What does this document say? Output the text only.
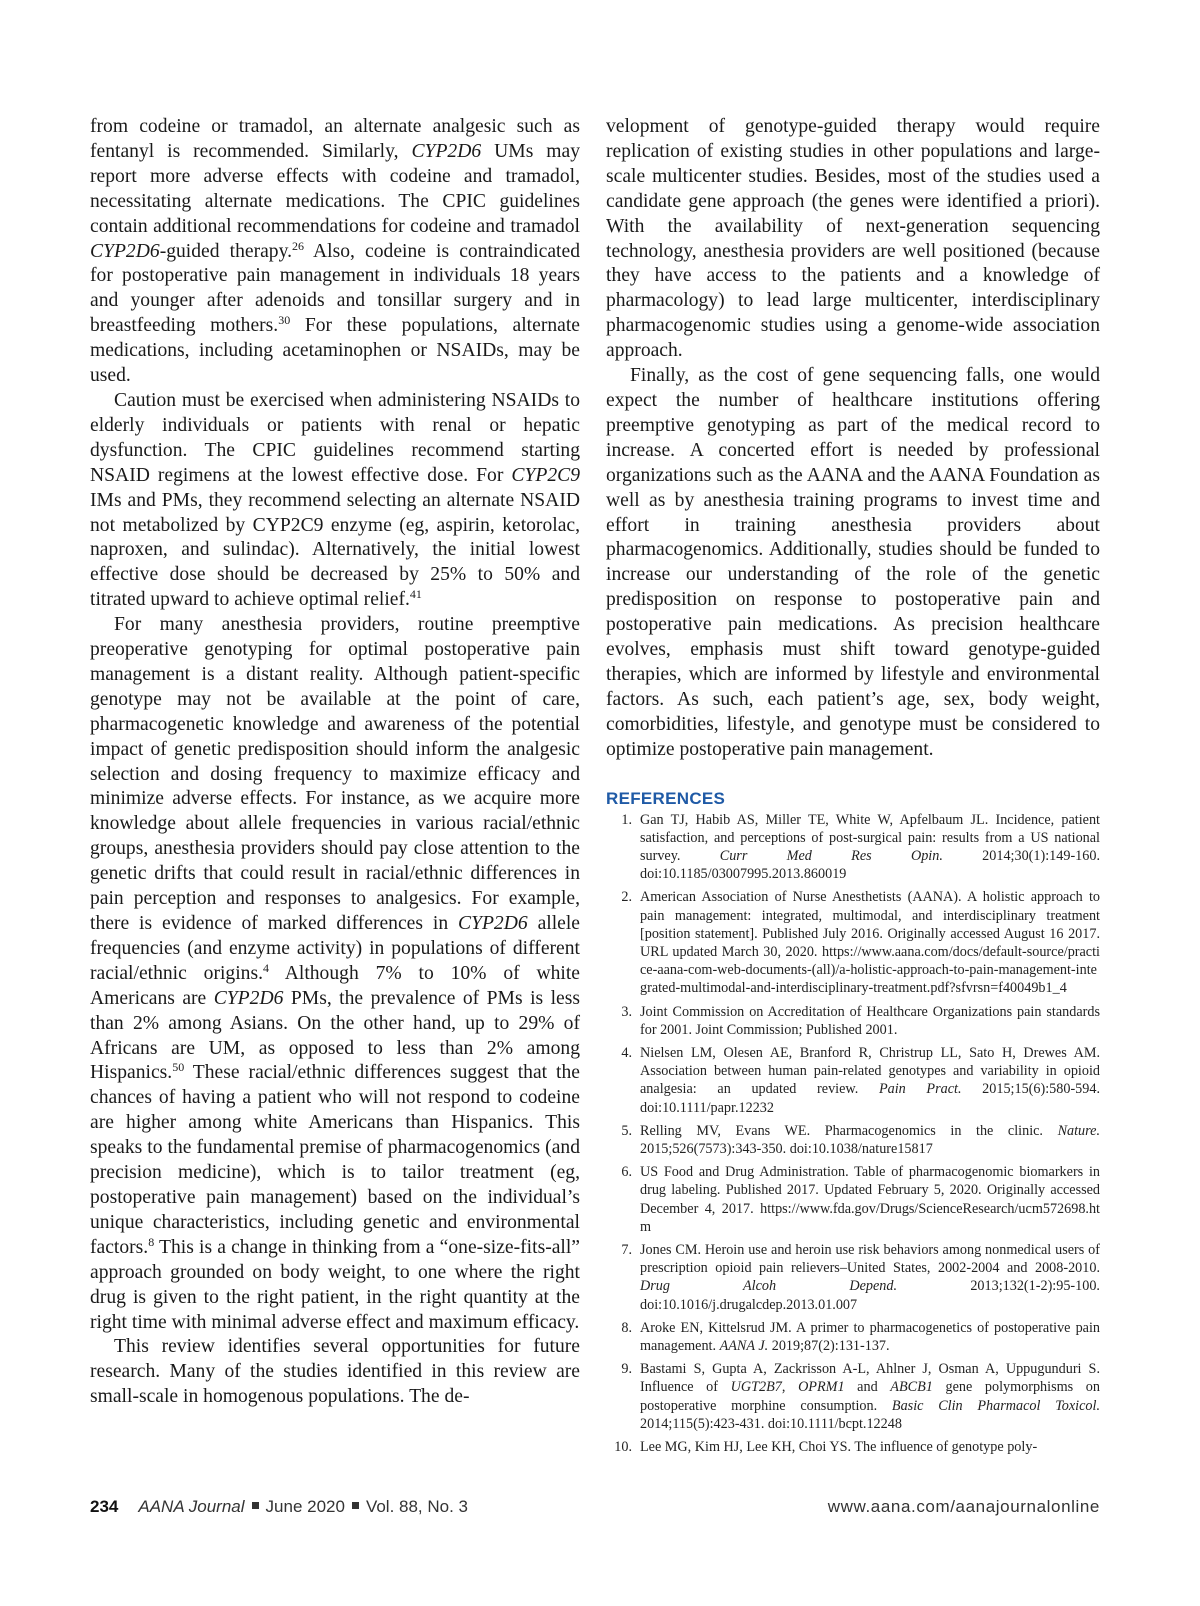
from codeine or tramadol, an alternate analgesic such as fentanyl is recommended. Similarly, CYP2D6 UMs may report more adverse effects with codeine and tramadol, necessitating alternate medications. The CPIC guidelines contain additional recommendations for codeine and tramadol CYP2D6-guided therapy.$^{26}$ Also, codeine is contraindicated for postoperative pain management in individuals 18 years and younger after adenoids and tonsillar surgery and in breastfeeding mothers.$^{30}$ For these populations, alternate medications, including acetaminophen or NSAIDs, may be used.

Caution must be exercised when administering NSAIDs to elderly individuals or patients with renal or hepatic dysfunction. The CPIC guidelines recommend starting NSAID regimens at the lowest effective dose. For CYP2C9 IMs and PMs, they recommend selecting an alternate NSAID not metabolized by CYP2C9 enzyme (eg, aspirin, ketorolac, naproxen, and sulindac). Alternatively, the initial lowest effective dose should be decreased by 25% to 50% and titrated upward to achieve optimal relief.$^{41}$

For many anesthesia providers, routine preemptive preoperative genotyping for optimal postoperative pain management is a distant reality. Although patient-specific genotype may not be available at the point of care, pharmacogenetic knowledge and awareness of the potential impact of genetic predisposition should inform the analgesic selection and dosing frequency to maximize efficacy and minimize adverse effects. For instance, as we acquire more knowledge about allele frequencies in various racial/ethnic groups, anesthesia providers should pay close attention to the genetic drifts that could result in racial/ethnic differences in pain perception and responses to analgesics. For example, there is evidence of marked differences in CYP2D6 allele frequencies (and enzyme activity) in populations of different racial/ethnic origins.$^4$ Although 7% to 10% of white Americans are CYP2D6 PMs, the prevalence of PMs is less than 2% among Asians. On the other hand, up to 29% of Africans are UM, as opposed to less than 2% among Hispanics.$^{50}$ These racial/ethnic differences suggest that the chances of having a patient who will not respond to codeine are higher among white Americans than Hispanics. This speaks to the fundamental premise of pharmacogenomics (and precision medicine), which is to tailor treatment (eg, postoperative pain management) based on the individual’s unique characteristics, including genetic and environmental factors.$^8$ This is a change in thinking from a “one-size-fits-all” approach grounded on body weight, to one where the right drug is given to the right patient, in the right quantity at the right time with minimal adverse effect and maximum efficacy.

This review identifies several opportunities for future research. Many of the studies identified in this review are small-scale in homogenous populations. The de-

velopment of genotype-guided therapy would require replication of existing studies in other populations and large-scale multicenter studies. Besides, most of the studies used a candidate gene approach (the genes were identified a priori). With the availability of next-generation sequencing technology, anesthesia providers are well positioned (because they have access to the patients and a knowledge of pharmacology) to lead large multicenter, interdisciplinary pharmacogenomic studies using a genome-wide association approach.

Finally, as the cost of gene sequencing falls, one would expect the number of healthcare institutions offering preemptive genotyping as part of the medical record to increase. A concerted effort is needed by professional organizations such as the AANA and the AANA Foundation as well as by anesthesia training programs to invest time and effort in training anesthesia providers about pharmacogenomics. Additionally, studies should be funded to increase our understanding of the role of the genetic predisposition on response to postoperative pain and postoperative pain medications. As precision healthcare evolves, emphasis must shift toward genotype-guided therapies, which are informed by lifestyle and environmental factors. As such, each patient’s age, sex, body weight, comorbidities, lifestyle, and genotype must be considered to optimize postoperative pain management.

REFERENCES
1. Gan TJ, Habib AS, Miller TE, White W, Apfelbaum JL. Incidence, patient satisfaction, and perceptions of post-surgical pain: results from a US national survey. Curr Med Res Opin. 2014;30(1):149-160. doi:10.1185/03007995.2013.860019
2. American Association of Nurse Anesthetists (AANA). A holistic approach to pain management: integrated, multimodal, and interdisciplinary treatment [position statement]. Published July 2016. Originally accessed August 16 2017. URL updated March 30, 2020. https://www.aana.com/docs/default-source/practice-aana-com-web-documents-(all)/a-holistic-approach-to-pain-management-integrated-multimodal-and-interdisciplinary-treatment.pdf?sfvrsn=f40049b1_4
3. Joint Commission on Accreditation of Healthcare Organizations pain standards for 2001. Joint Commission; Published 2001.
4. Nielsen LM, Olesen AE, Branford R, Christrup LL, Sato H, Drewes AM. Association between human pain-related genotypes and variability in opioid analgesia: an updated review. Pain Pract. 2015;15(6):580-594. doi:10.1111/papr.12232
5. Relling MV, Evans WE. Pharmacogenomics in the clinic. Nature. 2015;526(7573):343-350. doi:10.1038/nature15817
6. US Food and Drug Administration. Table of pharmacogenomic biomarkers in drug labeling. Published 2017. Updated February 5, 2020. Originally accessed December 4, 2017. https://www.fda.gov/Drugs/ScienceResearch/ucm572698.htm
7. Jones CM. Heroin use and heroin use risk behaviors among nonmedical users of prescription opioid pain relievers–United States, 2002-2004 and 2008-2010. Drug Alcoh Depend. 2013;132(1-2):95-100. doi:10.1016/j.drugalcdep.2013.01.007
8. Aroke EN, Kittelsrud JM. A primer to pharmacogenetics of postoperative pain management. AANA J. 2019;87(2):131-137.
9. Bastami S, Gupta A, Zackrisson A-L, Ahlner J, Osman A, Uppugunduri S. Influence of UGT2B7, OPRM1 and ABCB1 gene polymorphisms on postoperative morphine consumption. Basic Clin Pharmacol Toxicol. 2014;115(5):423-431. doi:10.1111/bcpt.12248
10. Lee MG, Kim HJ, Lee KH, Choi YS. The influence of genotype poly-
234 AANA Journal June 2020 Vol. 88, No. 3	www.aana.com/aanajournalonline
